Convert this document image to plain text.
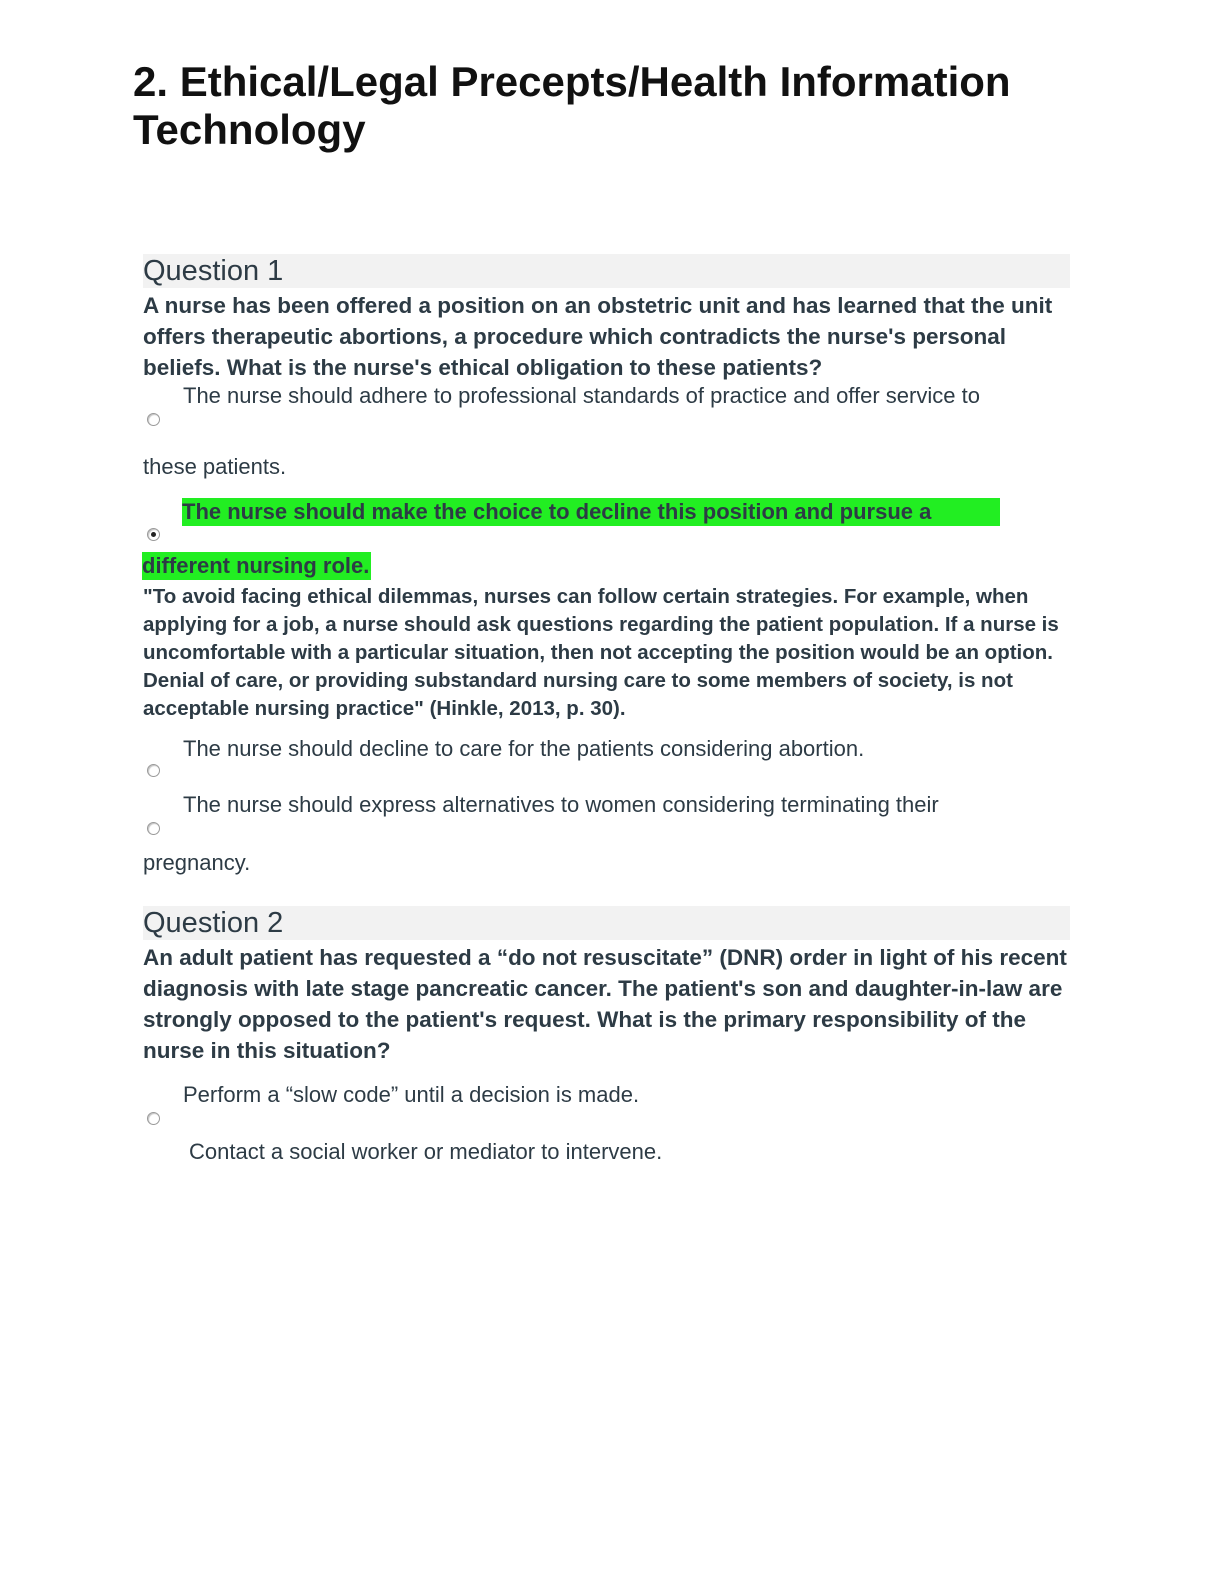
2. Ethical/Legal Precepts/Health Information Technology
Question 1

A nurse has been offered a position on an obstetric unit and has learned that the unit offers therapeutic abortions, a procedure which contradicts the nurse's personal beliefs. What is the nurse's ethical obligation to these patients?

The nurse should adhere to professional standards of practice and offer service to
these patients.
The nurse should make the choice to decline this position and pursue a
different nursing role.

"To avoid facing ethical dilemmas, nurses can follow certain strategies. For example, when applying for a job, a nurse should ask questions regarding the patient population. If a nurse is uncomfortable with a particular situation, then not accepting the position would be an option. Denial of care, or providing substandard nursing care to some members of society, is not acceptable nursing practice" (Hinkle, 2013, p. 30).

The nurse should decline to care for the patients considering abortion.
The nurse should express alternatives to women considering terminating their
pregnancy.
Question 2

An adult patient has requested a “do not resuscitate” (DNR) order in light of his recent diagnosis with late stage pancreatic cancer. The patient's son and daughter-in-law are strongly opposed to the patient's request. What is the primary responsibility of the nurse in this situation?

Perform a “slow code” until a decision is made.
Contact a social worker or mediator to intervene.
